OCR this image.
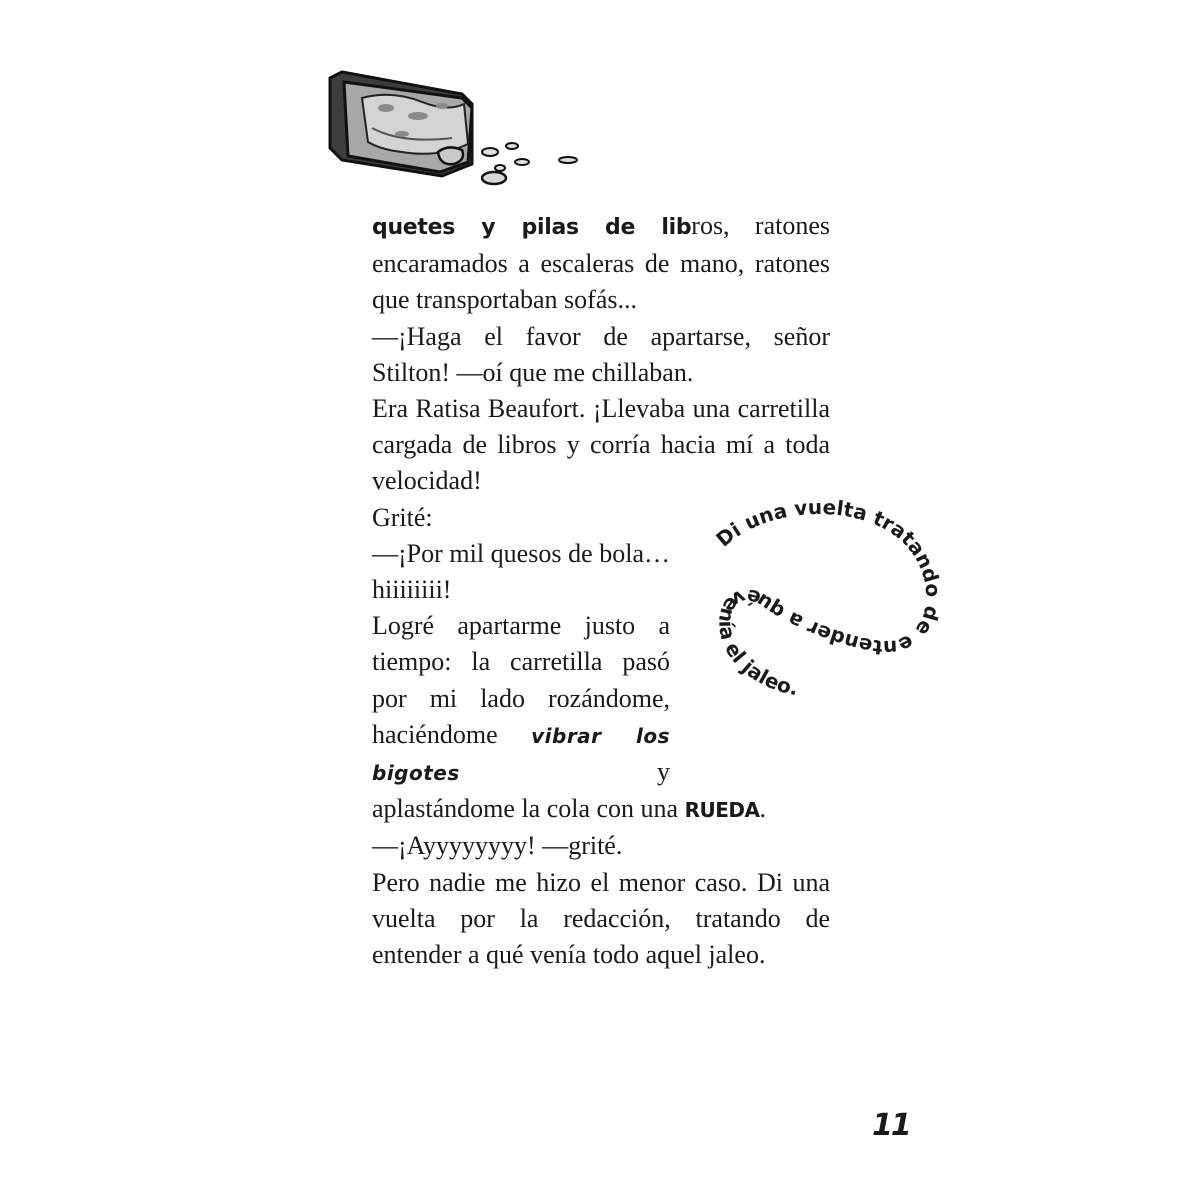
quetes y pilas de libros, ratones encaramados a escaleras de mano, ratones que transportaban sofás...

—¡Haga el favor de apartarse, señor Stilton! —oí que me chillaban.

Era Ratisa Beaufort. ¡Llevaba una carretilla cargada de libros y corría hacia mí a toda velocidad!

Grité:

—¡Por mil quesos de bola… hiiiiiiii!

Logré apartarme justo a tiempo: la carretilla pasó por mi lado rozándome, haciéndome vibrar los bigotes	y
aplastándome la cola con una RUEDA.

—¡Ayyyyyyyy! —grité.

Pero nadie me hizo el menor caso. Di una vuelta por la redacción, tratando de entender a qué venía todo aquel jaleo.

Di una vuelta tratando de entender a qué venía el jaleo.
11
